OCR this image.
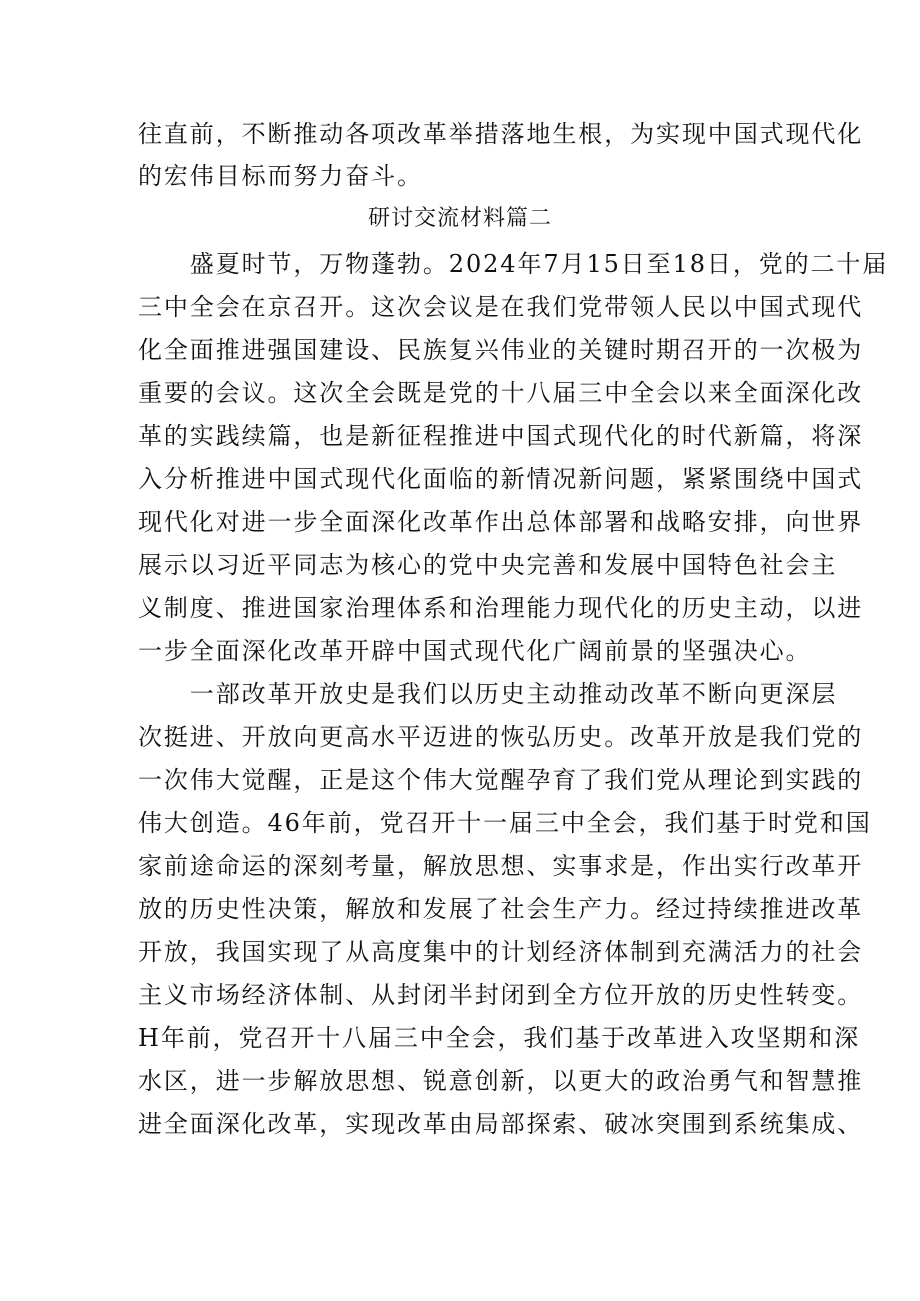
往直前，不断推动各项改革举措落地生根，为实现中国式现代化
的宏伟目标而努力奋斗。
研讨交流材料篇二
　　盛夏时节，万物蓬勃。2024年7月15日至18日，党的二十届
三中全会在京召开。这次会议是在我们党带领人民以中国式现代
化全面推进强国建设、民族复兴伟业的关键时期召开的一次极为
重要的会议。这次全会既是党的十八届三中全会以来全面深化改
革的实践续篇，也是新征程推进中国式现代化的时代新篇，将深
入分析推进中国式现代化面临的新情况新问题，紧紧围绕中国式
现代化对进一步全面深化改革作出总体部署和战略安排，向世界
展示以习近平同志为核心的党中央完善和发展中国特色社会主
义制度、推进国家治理体系和治理能力现代化的历史主动，以进
一步全面深化改革开辟中国式现代化广阔前景的坚强决心。
　　一部改革开放史是我们以历史主动推动改革不断向更深层
次挺进、开放向更高水平迈进的恢弘历史。改革开放是我们党的
一次伟大觉醒，正是这个伟大觉醒孕育了我们党从理论到实践的
伟大创造。46年前，党召开十一届三中全会，我们基于时党和国
家前途命运的深刻考量，解放思想、实事求是，作出实行改革开
放的历史性决策，解放和发展了社会生产力。经过持续推进改革
开放，我国实现了从高度集中的计划经济体制到充满活力的社会
主义市场经济体制、从封闭半封闭到全方位开放的历史性转变。
H年前，党召开十八届三中全会，我们基于改革进入攻坚期和深
水区，进一步解放思想、锐意创新，以更大的政治勇气和智慧推
进全面深化改革，实现改革由局部探索、破冰突围到系统集成、
